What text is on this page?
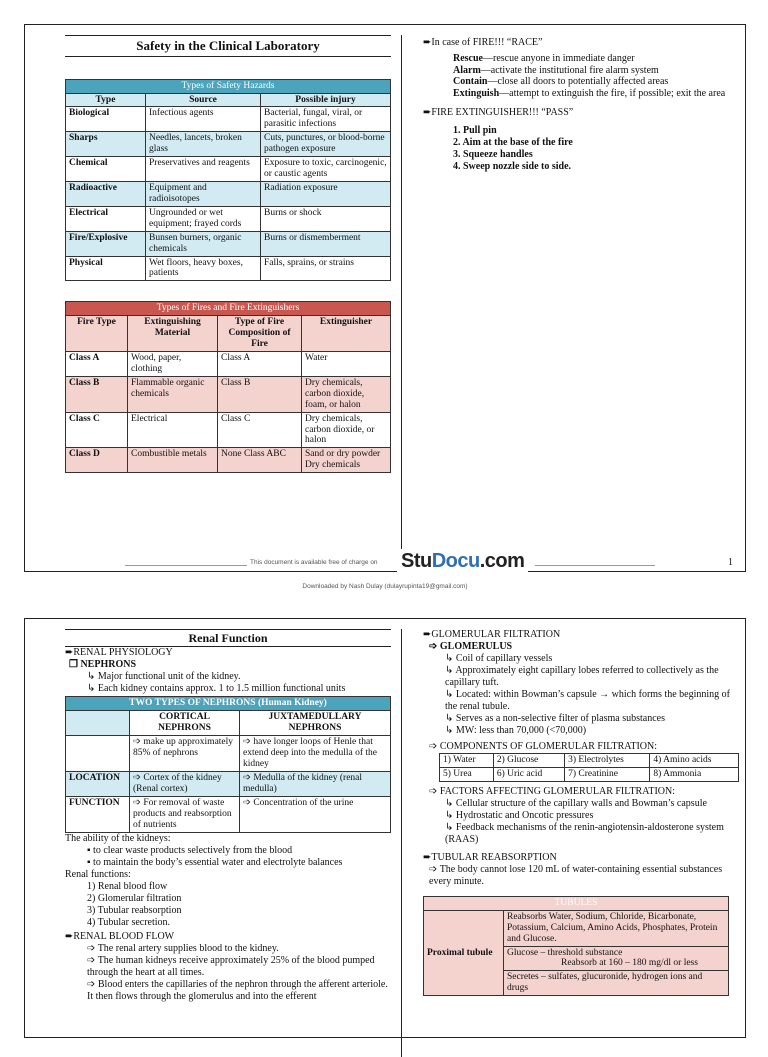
Safety in the Clinical Laboratory
Types of Safety Hazards		
Type	Source	Possible injury
Biological	Infectious agents	Bacterial, fungal, viral, or parasitic infections
Sharps	Needles, lancets, broken glass	Cuts, punctures, or blood-borne pathogen exposure
Chemical	Preservatives and reagents	Exposure to toxic, carcinogenic, or caustic agents
Radioactive	Equipment and radioisotopes	Radiation exposure
Electrical	Ungrounded or wet equipment; frayed cords	Burns or shock
Fire/Explosive	Bunsen burners, organic chemicals	Burns or dismemberment
Physical	Wet floors, heavy boxes, patients	Falls, sprains, or strains
Types of Fires and Fire Extinguishers			
Fire Type	Extinguishing Material	Type of Fire Composition of Fire	Extinguisher
Class A	Wood, paper, clothing	Class A	Water
Class B	Flammable organic chemicals	Class B	Dry chemicals, carbon dioxide, foam, or halon
Class C	Electrical	Class C	Dry chemicals, carbon dioxide, or halon
Class D	Combustible metals	None Class ABC	Sand or dry powder Dry chemicals
➨In case of FIRE!!! “RACE”
Rescue—rescue anyone in immediate danger
Alarm—activate the institutional fire alarm system
Contain—close all doors to potentially affected areas
Extinguish—attempt to extinguish the fire, if possible; exit the area
➨FIRE EXTINGUISHER!!! “PASS”
1. Pull pin
2. Aim at the base of the fire
3. Squeeze handles
4. Sweep nozzle side to side.
This document is available free of charge on StuDocu.com
Downloaded by Nash Dulay (dulayrupinta19@gmail.com)
1
Renal Function
➨RENAL PHYSIOLOGY
❒ NEPHRONS
↳ Major functional unit of the kidney.
↳ Each kidney contains approx. 1 to 1.5 million functional units
TWO TYPES OF NEPHRONS (Human Kidney)		
	CORTICAL NEPHRONS	JUXTAMEDULLARY NEPHRONS
	➩ make up approximately 85% of nephrons	➩ have longer loops of Henle that extend deep into the medulla of the kidney
LOCATION	➩ Cortex of the kidney (Renal cortex)	➩ Medulla of the kidney (renal medulla)
FUNCTION	➩ For removal of waste products and reabsorption of nutrients	➩ Concentration of the urine
The ability of the kidneys:
▪ to clear waste products selectively from the blood
▪ to maintain the body’s essential water and electrolyte balances
Renal functions:
1) Renal blood flow
2) Glomerular filtration
3) Tubular reabsorption
4) Tubular secretion.
➨RENAL BLOOD FLOW
➩ The renal artery supplies blood to the kidney.
➩ The human kidneys receive approximately 25% of the blood pumped through the heart at all times.
➩ Blood enters the capillaries of the nephron through the afferent arteriole. It then flows through the glomerulus and into the efferent
➨GLOMERULAR FILTRATION
➩ GLOMERULUS
↳ Coil of capillary vessels
↳ Approximately eight capillary lobes referred to collectively as the capillary tuft.
↳ Located: within Bowman’s capsule → which forms the beginning of the renal tubule.
↳ Serves as a non-selective filter of plasma substances
↳ MW: less than 70,000 (<70,000)
➩ COMPONENTS OF GLOMERULAR FILTRATION:
1) Water	2) Glucose	3) Electrolytes	4) Amino acids
5) Urea	6) Uric acid	7) Creatinine	8) Ammonia
➩ FACTORS AFFECTING GLOMERULAR FILTRATION:
↳ Cellular structure of the capillary walls and Bowman’s capsule
↳ Hydrostatic and Oncotic pressures
↳ Feedback mechanisms of the renin-angiotensin-aldosterone system (RAAS)
➨TUBULAR REABSORPTION
➩ The body cannot lose 120 mL of water-containing essential substances every minute.
TUBULES
Proximal tubule	Reabsorbs Water, Sodium, Chloride, Bicarbonate, Potassium, Calcium, Amino Acids, Phosphates, Protein and Glucose.

Glucose – threshold substance
Reabsorb at 160 – 180 mg/dl or less

Secretes – sulfates, glucuronide, hydrogen ions and drugs
